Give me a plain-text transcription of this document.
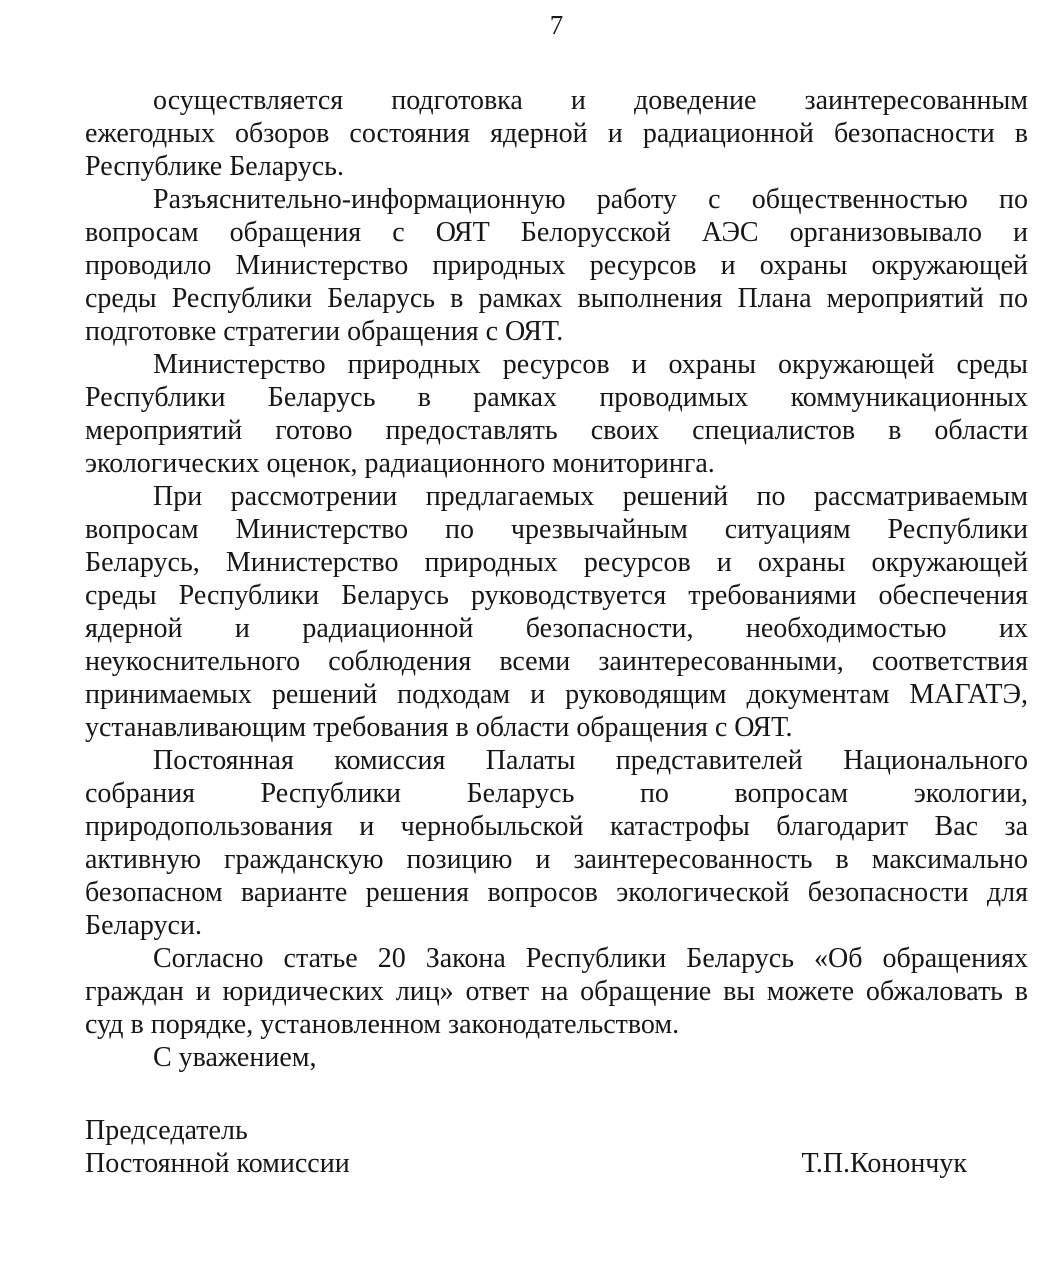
7
осуществляется подготовка и доведение заинтересованным
ежегодных обзоров состояния ядерной и радиационной безопасности в
Республике Беларусь.
Разъяснительно-информационную работу с общественностью по
вопросам обращения с ОЯТ Белорусской АЭС организовывало и
проводило Министерство природных ресурсов и охраны окружающей
среды Республики Беларусь в рамках выполнения Плана мероприятий по
подготовке стратегии обращения с ОЯТ.
Министерство природных ресурсов и охраны окружающей среды
Республики Беларусь в рамках проводимых коммуникационных
мероприятий готово предоставлять своих специалистов в области
экологических оценок, радиационного мониторинга.
При рассмотрении предлагаемых решений по рассматриваемым
вопросам Министерство по чрезвычайным ситуациям Республики
Беларусь, Министерство природных ресурсов и охраны окружающей
среды Республики Беларусь руководствуется требованиями обеспечения
ядерной и радиационной безопасности, необходимостью их
неукоснительного соблюдения всеми заинтересованными, соответствия
принимаемых решений подходам и руководящим документам МАГАТЭ,
устанавливающим требования в области обращения с ОЯТ.
Постоянная комиссия Палаты представителей Национального
собрания Республики Беларусь по вопросам экологии,
природопользования и чернобыльской катастрофы благодарит Вас за
активную гражданскую позицию и заинтересованность в максимально
безопасном варианте решения вопросов экологической безопасности для
Беларуси.
Согласно статье 20 Закона Республики Беларусь «Об обращениях
граждан и юридических лиц» ответ на обращение вы можете обжаловать в
суд в порядке, установленном законодательством.
С уважением,
Председатель
Постоянной комиссии	Т.П.Конончук
